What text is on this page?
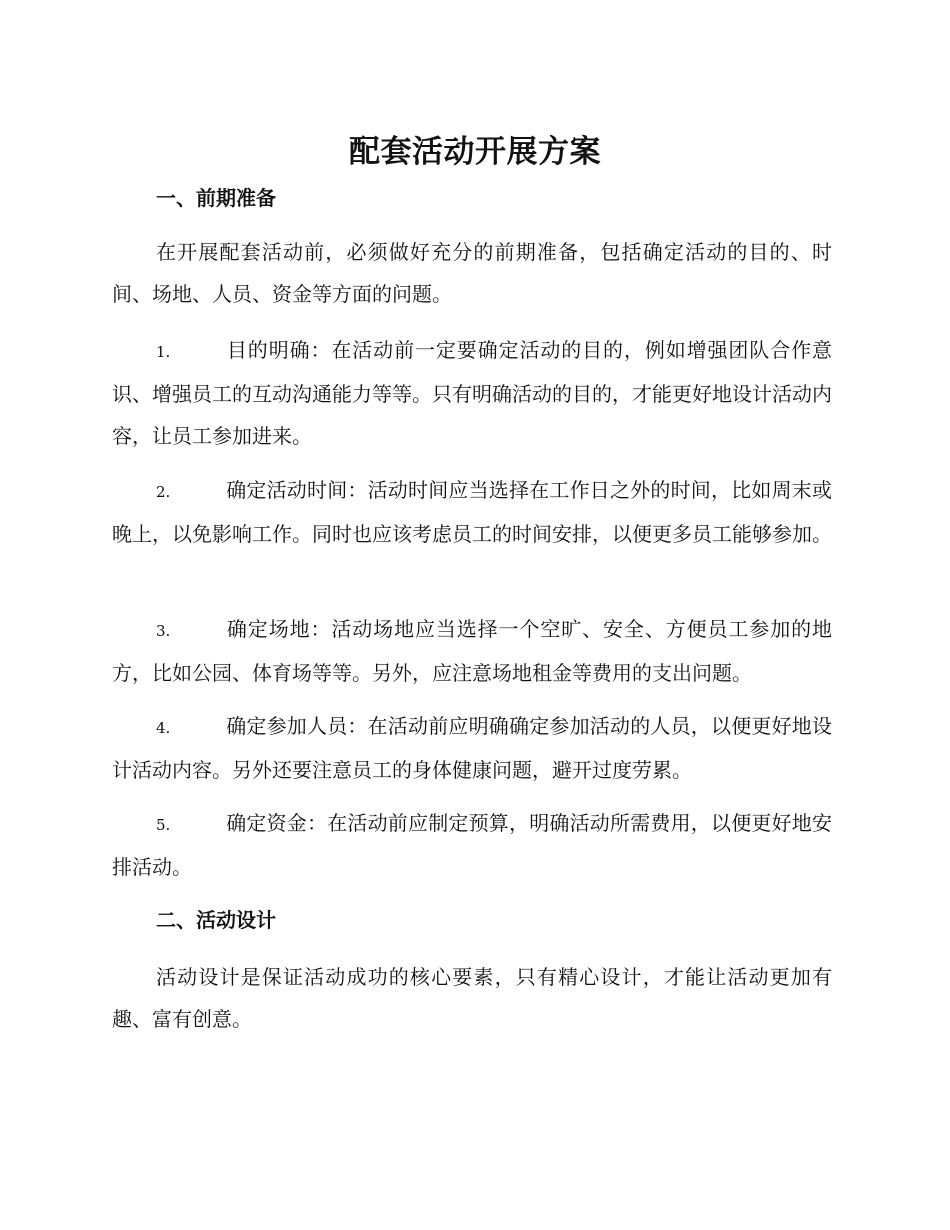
配套活动开展方案
一、前期准备

在开展配套活动前，必须做好充分的前期准备，包括确定活动的目的、时间、场地、人员、资金等方面的问题。

1.	目的明确：在活动前一定要确定活动的目的，例如增强团队合作意识、增强员工的互动沟通能力等等。只有明确活动的目的，才能更好地设计活动内容，让员工参加进来。

2.	确定活动时间：活动时间应当选择在工作日之外的时间，比如周末或晚上，以免影响工作。同时也应该考虑员工的时间安排，以便更多员工能够参加。

3.	确定场地：活动场地应当选择一个空旷、安全、方便员工参加的地方，比如公园、体育场等等。另外，应注意场地租金等费用的支出问题。

4.	确定参加人员：在活动前应明确确定参加活动的人员，以便更好地设计活动内容。另外还要注意员工的身体健康问题，避开过度劳累。

5.	确定资金：在活动前应制定预算，明确活动所需费用，以便更好地安排活动。

二、活动设计

活动设计是保证活动成功的核心要素，只有精心设计，才能让活动更加有趣、富有创意。
